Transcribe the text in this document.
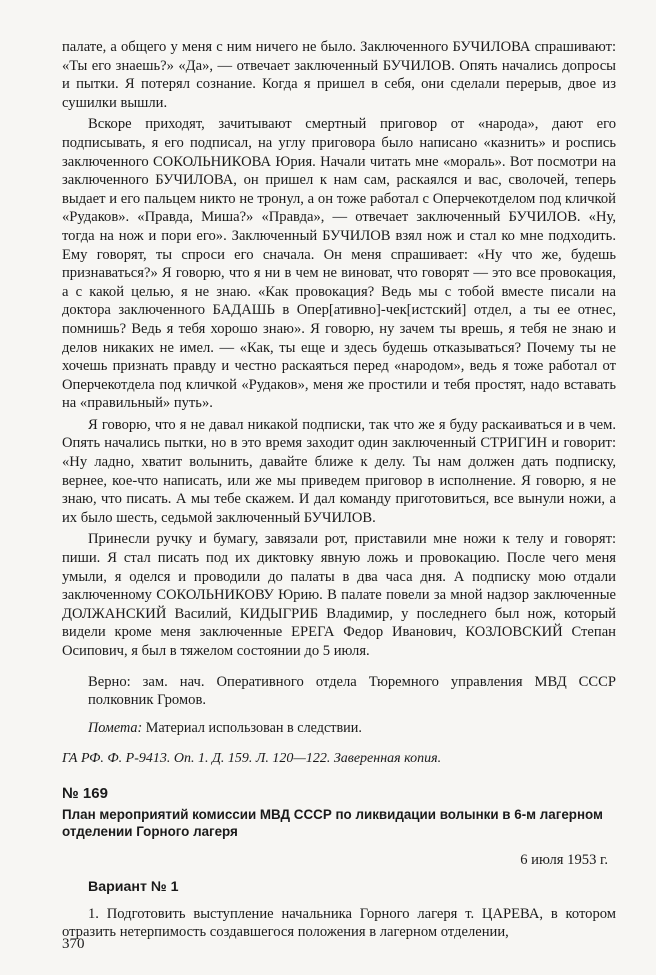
палате, а общего у меня с ним ничего не было. Заключенного БУЧИЛОВА спрашивают: «Ты его знаешь?» «Да», — отвечает заключенный БУЧИЛОВ. Опять начались допросы и пытки. Я потерял сознание. Когда я пришел в себя, они сделали перерыв, двое из сушилки вышли.

Вскоре приходят, зачитывают смертный приговор от «народа», дают его подписывать, я его подписал, на углу приговора было написано «казнить» и роспись заключенного СОКОЛЬНИКОВА Юрия. Начали читать мне «мораль». Вот посмотри на заключенного БУЧИЛОВА, он пришел к нам сам, раскаялся и вас, сволочей, теперь выдает и его пальцем никто не тронул, а он тоже работал с Оперчекотделом под кличкой «Рудаков». «Правда, Миша?» «Правда», — отвечает заключенный БУЧИЛОВ. «Ну, тогда на нож и пори его». Заключенный БУЧИЛОВ взял нож и стал ко мне подходить. Ему говорят, ты спроси его сначала. Он меня спрашивает: «Ну что же, будешь признаваться?» Я говорю, что я ни в чем не виноват, что говорят — это все провокация, а с какой целью, я не знаю. «Как провокация? Ведь мы с тобой вместе писали на доктора заключенного БАДАШЬ в Опер[ативно]-чек[истский] отдел, а ты ее отнес, помнишь? Ведь я тебя хорошо знаю». Я говорю, ну зачем ты врешь, я тебя не знаю и делов никаких не имел. — «Как, ты еще и здесь будешь отказываться? Почему ты не хочешь признать правду и честно раскаяться перед «народом», ведь я тоже работал от Оперчекотдела под кличкой «Рудаков», меня же простили и тебя простят, надо вставать на «правильный» путь».

Я говорю, что я не давал никакой подписки, так что же я буду раскаиваться и в чем. Опять начались пытки, но в это время заходит один заключенный СТРИГИН и говорит: «Ну ладно, хватит волынить, давайте ближе к делу. Ты нам должен дать подписку, вернее, кое-что написать, или же мы приведем приговор в исполнение. Я говорю, я не знаю, что писать. А мы тебе скажем. И дал команду приготовиться, все вынули ножи, а их было шесть, седьмой заключенный БУЧИЛОВ.

Принесли ручку и бумагу, завязали рот, приставили мне ножи к телу и говорят: пиши. Я стал писать под их диктовку явную ложь и провокацию. После чего меня умыли, я оделся и проводили до палаты в два часа дня. А подписку мою отдали заключенному СОКОЛЬНИКОВУ Юрию. В палате повели за мной надзор заключенные ДОЛЖАНСКИЙ Василий, КИДЫГРИБ Владимир, у последнего был нож, который видели кроме меня заключенные ЕРЕГА Федор Иванович, КОЗЛОВСКИЙ Степан Осипович, я был в тяжелом состоянии до 5 июля.

Верно: зам. нач. Оперативного отдела Тюремного управления МВД СССР полковник Громов.

Помета: Материал использован в следствии.

ГА РФ. Ф. Р-9413. Оп. 1. Д. 159. Л. 120—122. Заверенная копия.

№ 169

План мероприятий комиссии МВД СССР по ликвидации волынки в 6-м лагерном отделении Горного лагеря

6 июля 1953 г.

Вариант № 1

1. Подготовить выступление начальника Горного лагеря т. ЦАРЕВА, в котором отразить нетерпимость создавшегося положения в лагерном отделении,

370
